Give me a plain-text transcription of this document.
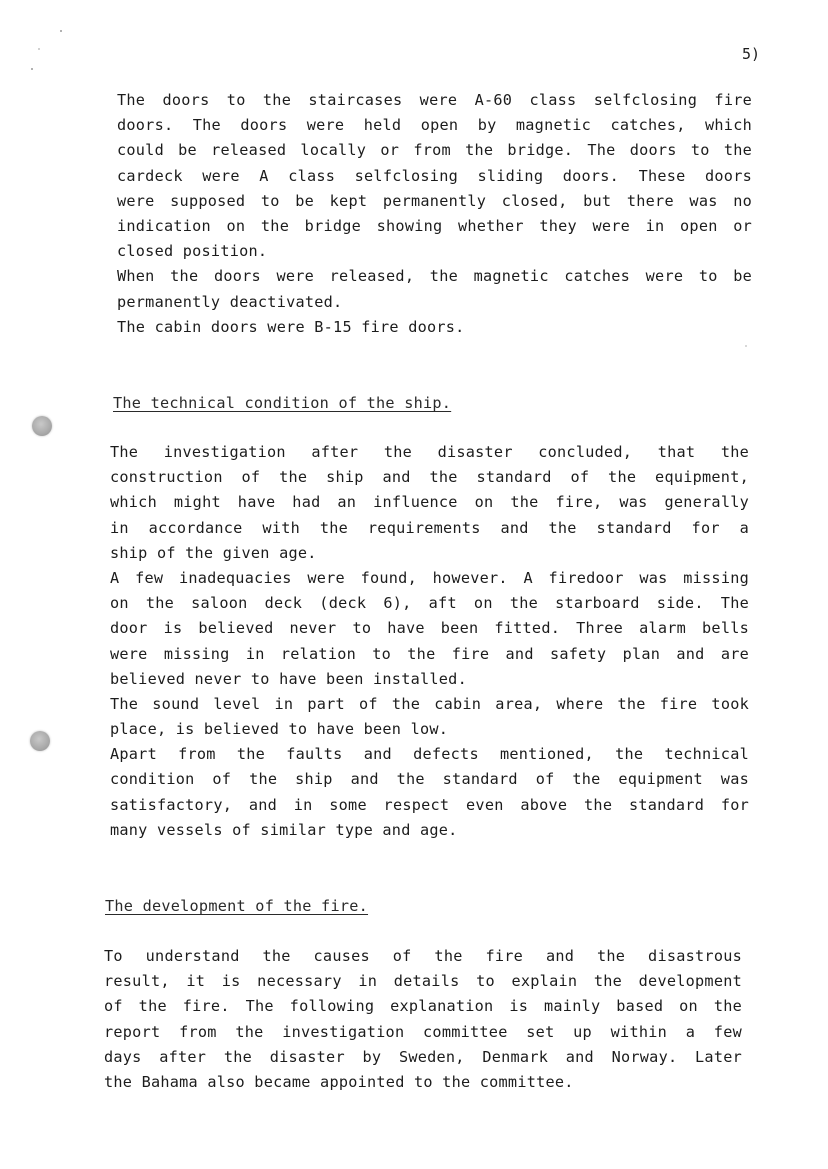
5)
The doors to the staircases were A-60 class selfclosing fire
doors. The doors were held open by magnetic catches, which
could be released locally or from the bridge. The doors to the
cardeck were A class selfclosing sliding doors. These doors
were supposed to be kept permanently closed, but there was no
indication on the bridge showing whether they were in open or
closed position.
When the doors were released, the magnetic catches were to be
permanently deactivated.
The cabin doors were B-15 fire doors.
The technical condition of the ship.
The investigation after the disaster concluded, that the
construction of the ship and the standard of the equipment,
which might have had an influence on the fire, was generally
in accordance with the requirements and the standard for a
ship of the given age.
A few inadequacies were found, however. A firedoor was missing
on the saloon deck (deck 6), aft on the starboard side. The
door is believed never to have been fitted. Three alarm bells
were missing in relation to the fire and safety plan and are
believed never to have been installed.
The sound level in part of the cabin area, where the fire took
place, is believed to have been low.
Apart from the faults and defects mentioned, the technical
condition of the ship and the standard of the equipment was
satisfactory, and in some respect even above the standard for
many vessels of similar type and age.
The development of the fire.
To understand the causes of the fire and the disastrous
result, it is necessary in details to explain the development
of the fire. The following explanation is mainly based on the
report from the investigation committee set up within a few
days after the disaster by Sweden, Denmark and Norway. Later
the Bahama also became appointed to the committee.
